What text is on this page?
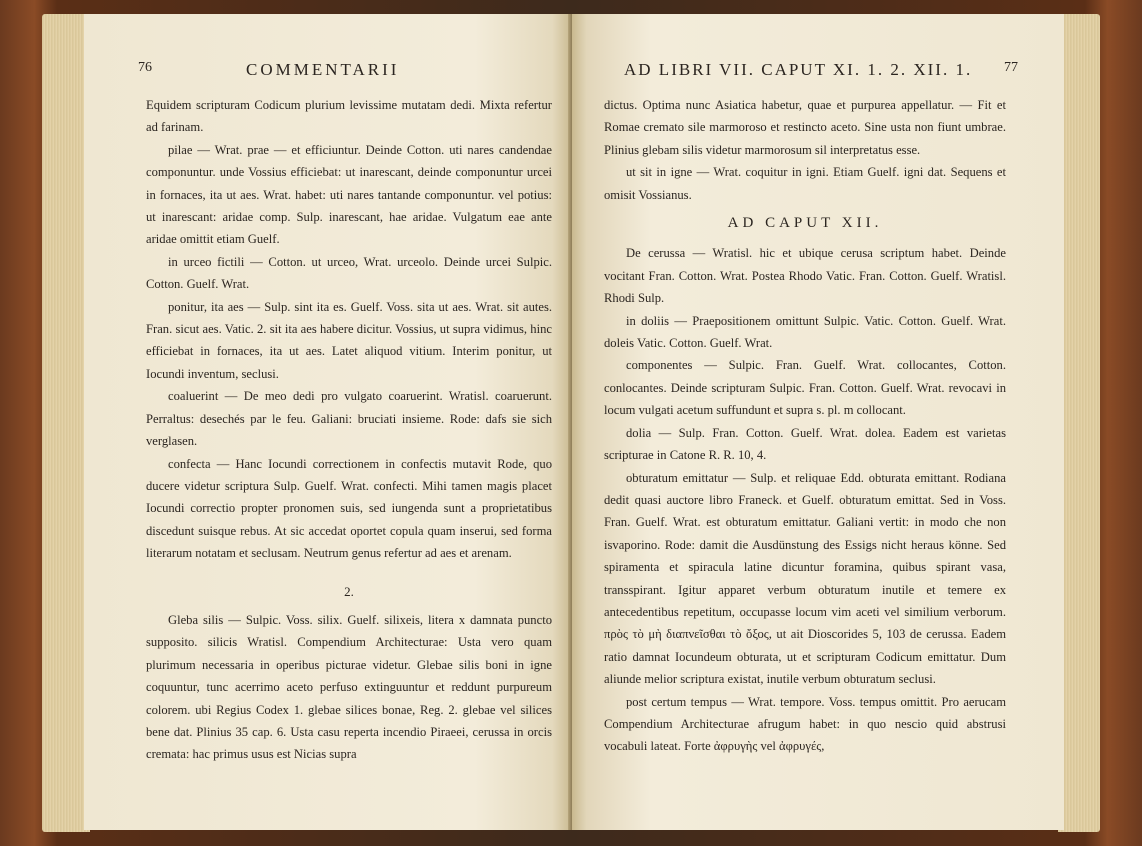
76	COMMENTARII

Equidem scripturam Codicum plurium levissime mutatam dedi. Mixta refertur ad farinam.

pilae — Wrat. prae — et efficiuntur. Deinde Cotton. uti nares candendae componuntur. unde Vossius efficiebat: ut inarescant, deinde componuntur urcei in fornaces, ita ut aes. Wrat. habet: uti nares tantande componuntur. vel potius: ut inarescant: aridae comp. Sulp. inarescant, hae aridae. Vulgatum eae ante aridae omittit etiam Guelf.

in urceo fictili — Cotton. ut urceo, Wrat. urceolo. Deinde urcei Sulpic. Cotton. Guelf. Wrat.

ponitur, ita aes — Sulp. sint ita es. Guelf. Voss. sita ut aes. Wrat. sit autes. Fran. sicut aes. Vatic. 2. sit ita aes habere dicitur. Vossius, ut supra vidimus, hinc efficiebat in fornaces, ita ut aes. Latet aliquod vitium. Interim ponitur, ut Iocundi inventum, seclusi.

coaluerint — De meo dedi pro vulgato coaruerint. Wratisl. coaruerunt. Perraltus: desechés par le feu. Galiani: bruciati insieme. Rode: dafs sie sich verglasen.

confecta — Hanc Iocundi correctionem in confectis mutavit Rode, quo ducere videtur scriptura Sulp. Guelf. Wrat. confecti. Mihi tamen magis placet Iocundi correctio propter pronomen suis, sed iungenda sunt a proprietatibus discedunt suisque rebus. At sic accedat oportet copula quam inserui, sed forma literarum notatam et seclusam. Neutrum genus refertur ad aes et arenam.

2.

Gleba silis — Sulpic. Voss. silix. Guelf. silixeis, litera x damnata puncto supposito. silicis Wratisl. Compendium Architecturae: Usta vero quam plurimum necessaria in operibus picturae videtur. Glebae silis boni in igne coquuntur, tunc acerrimo aceto perfuso extinguuntur et reddunt purpureum colorem. ubi Regius Codex 1. glebae silices bonae, Reg. 2. glebae vel silices bene dat. Plinius 35 cap. 6. Usta casu reperta incendio Piraeei, cerussa in orcis cremata: hac primus usus est Nicias supra

AD LIBRI VII. CAPUT XI. 1. 2. XII. 1. 77

dictus. Optima nunc Asiatica habetur, quae et purpurea appellatur. — Fit et Romae cremato sile marmoroso et restincto aceto. Sine usta non fiunt umbrae. Plinius glebam silis videtur marmorosum sil interpretatus esse.

ut sit in igne — Wrat. coquitur in igni. Etiam Guelf. igni dat. Sequens et omisit Vossianus.

AD CAPUT XII.

De cerussa — Wratisl. hic et ubique cerusa scriptum habet. Deinde vocitant Fran. Cotton. Wrat. Postea Rhodo Vatic. Fran. Cotton. Guelf. Wratisl. Rhodi Sulp.

in doliis — Praepositionem omittunt Sulpic. Vatic. Cotton. Guelf. Wrat. doleis Vatic. Cotton. Guelf. Wrat.

componentes — Sulpic. Fran. Guelf. Wrat. collocantes, Cotton. conlocantes. Deinde scripturam Sulpic. Fran. Cotton. Guelf. Wrat. revocavi in locum vulgati acetum suffundunt et supra s. pl. m collocant.

dolia — Sulp. Fran. Cotton. Guelf. Wrat. dolea. Eadem est varietas scripturae in Catone R. R. 10, 4.

obturatum emittatur — Sulp. et reliquae Edd. obturata emittant. Rodiana dedit quasi auctore libro Franeck. et Guelf. obturatum emittat. Sed in Voss. Fran. Guelf. Wrat. est obturatum emittatur. Galiani vertit: in modo che non isvaporino. Rode: damit die Ausdünstung des Essigs nicht heraus könne. Sed spiramenta et spiracula latine dicuntur foramina, quibus spirant vasa, transspirant. Igitur apparet verbum obturatum inutile et temere ex antecedentibus repetitum, occupasse locum vim aceti vel similium verborum. πρὸς τὸ μὴ διαπνεῖσθαι τὸ ὄξος, ut ait Dioscorides 5, 103 de cerussa. Eadem ratio damnat Iocundeum obturata, ut et scripturam Codicum emittatur. Dum aliunde melior scriptura existat, inutile verbum obturatum seclusi.

post certum tempus — Wrat. tempore. Voss. tempus omittit. Pro aerucam Compendium Architecturae afrugum habet: in quo nescio quid abstrusi vocabuli lateat. Forte ἀφρυγὴς vel ἀφρυγές,
